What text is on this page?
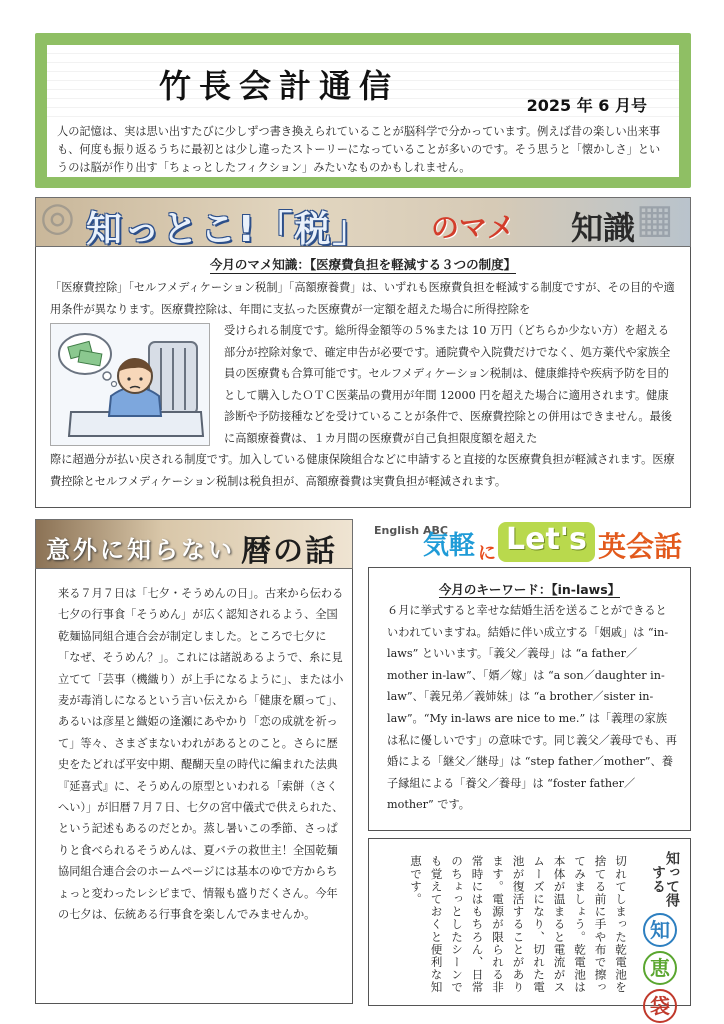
竹長会計通信
2025 年 6 月号
人の記憶は、実は思い出すたびに少しずつ書き換えられていることが脳科学で分かっています。例えば昔の楽しい出来事も、何度も振り返るうちに最初とは少し違ったストーリーになっていることが多いのです。そう思うと「懐かしさ」というのは脳が作り出す「ちょっとしたフィクション」みたいなものかもしれません。
◎	▦
知っとこ!「税」 のマメ 知識
今月のマメ知識：【医療費負担を軽減する３つの制度】
「医療費控除」「セルフメディケーション税制」「高額療養費」は、いずれも医療費負担を軽減する制度ですが、その目的や適用条件が異なります。医療費控除は、年間に支払った医療費が一定額を超えた場合に所得控除を
受けられる制度です。総所得金額等の５%または 10 万円（どちらか少ない方）を超える部分が控除対象で、確定申告が必要です。通院費や入院費だけでなく、処方薬代や家族全員の医療費も合算可能です。セルフメディケーション税制は、健康維持や疾病予防を目的として購入したＯＴＣ医薬品の費用が年間 12000 円を超えた場合に適用されます。健康診断や予防接種などを受けていることが条件で、医療費控除との併用はできません。最後に高額療養費は、１カ月間の医療費が自己負担限度額を超えた
際に超過分が払い戻される制度です。加入している健康保険組合などに申請すると直接的な医療費負担が軽減されます。医療費控除とセルフメディケーション税制は税負担が、高額療養費は実費負担が軽減されます。
意外に知らない 暦の話
来る７月７日は「七夕・そうめんの日」。古来から伝わる七夕の行事食「そうめん」が広く認知されるよう、全国乾麺協同組合連合会が制定しました。ところで七夕に「なぜ、そうめん？」。これには諸説あるようで、糸に見立てて「芸事（機織り）が上手になるように」、または小麦が毒消しになるという言い伝えから「健康を願って」、あるいは彦星と織姫の逢瀬にあやかり「恋の成就を祈って」等々、さまざまないわれがあるとのこと。さらに歴史をたどれば平安中期、醍醐天皇の時代に編まれた法典『延喜式』に、そうめんの原型といわれる「索餅（さくへい）」が旧暦７月７日、七夕の宮中儀式で供えられた、という記述もあるのだとか。蒸し暑いこの季節、さっぱりと食べられるそうめんは、夏バテの救世主！全国乾麺協同組合連合会のホームページには基本のゆで方からちょっと変わったレシピまで、情報も盛りだくさん。今年の七夕は、伝統ある行事食を楽しんでみませんか。
English ABC
気軽 に Let's 英会話
今月のキーワード：【in-laws】
６月に挙式すると幸せな結婚生活を送ることができるといわれていますね。結婚に伴い成立する「姻戚」は “in-laws” といいます。「義父／義母」は “a father／mother in-law”、「婿／嫁」は “a son／daughter in-law”、「義兄弟／義姉妹」は “a brother／sister in-law”。“My in-laws are nice to me.” は「義理の家族は私に優しいです」の意味です。同じ義父／義母でも、再婚による「継父／継母」は “step father／mother”、養子縁組による「養父／養母」は “foster father／mother” です。
切れてしまった乾電池を捨てる前に手や布で擦ってみましょう。乾電池は本体が温まると電流がスムーズになり、切れた電池が復活することがあります。電源が限られる非常時にはもちろん、日常のちょっとしたシーンでも覚えておくと便利な知恵です。	知って得する
知
恵
袋
